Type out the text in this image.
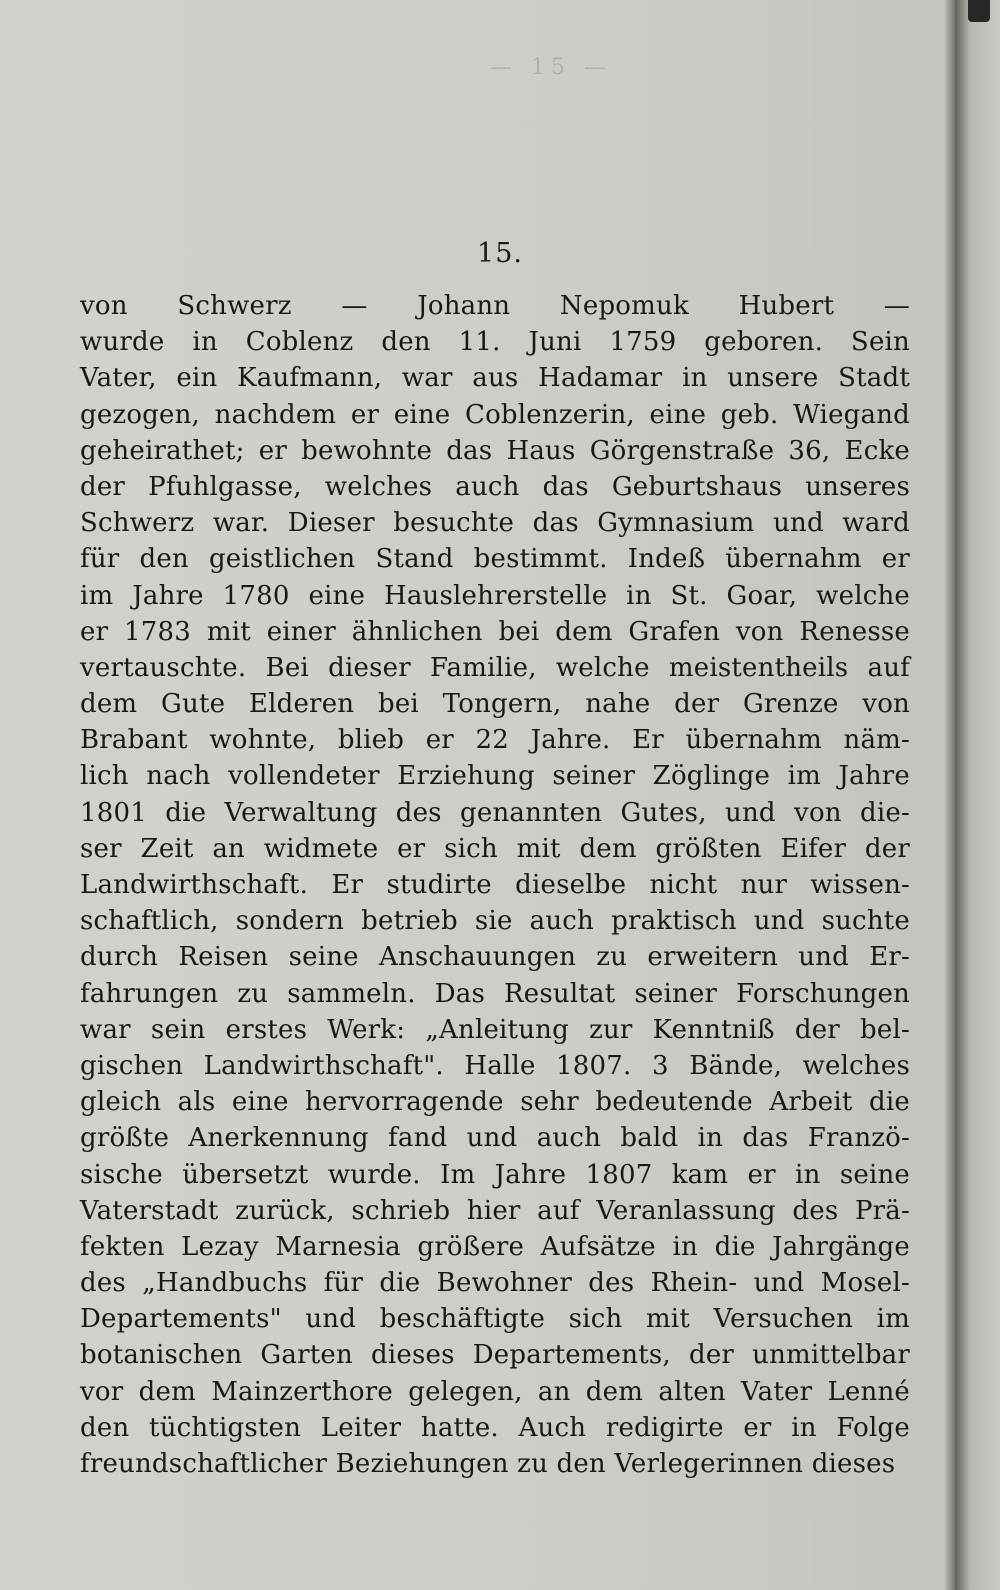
— 15 —
15.
von Schwerz — Johann Nepomuk Hubert —
wurde in Coblenz den 11. Juni 1759 geboren. Sein
Vater, ein Kaufmann, war aus Hadamar in unsere Stadt
gezogen, nachdem er eine Coblenzerin, eine geb. Wiegand
geheirathet; er bewohnte das Haus Görgenstraße 36, Ecke
der Pfuhlgasse, welches auch das Geburtshaus unseres
Schwerz war. Dieser besuchte das Gymnasium und ward
für den geistlichen Stand bestimmt. Indeß übernahm er
im Jahre 1780 eine Hauslehrerstelle in St. Goar, welche
er 1783 mit einer ähnlichen bei dem Grafen von Renesse
vertauschte. Bei dieser Familie, welche meistentheils auf
dem Gute Elderen bei Tongern, nahe der Grenze von
Brabant wohnte, blieb er 22 Jahre. Er übernahm näm-
lich nach vollendeter Erziehung seiner Zöglinge im Jahre
1801 die Verwaltung des genannten Gutes, und von die-
ser Zeit an widmete er sich mit dem größten Eifer der
Landwirthschaft. Er studirte dieselbe nicht nur wissen-
schaftlich, sondern betrieb sie auch praktisch und suchte
durch Reisen seine Anschauungen zu erweitern und Er-
fahrungen zu sammeln. Das Resultat seiner Forschungen
war sein erstes Werk: „Anleitung zur Kenntniß der bel-
gischen Landwirthschaft". Halle 1807. 3 Bände, welches
gleich als eine hervorragende sehr bedeutende Arbeit die
größte Anerkennung fand und auch bald in das Franzö-
sische übersetzt wurde. Im Jahre 1807 kam er in seine
Vaterstadt zurück, schrieb hier auf Veranlassung des Prä-
fekten Lezay Marnesia größere Aufsätze in die Jahrgänge
des „Handbuchs für die Bewohner des Rhein- und Mosel-
Departements" und beschäftigte sich mit Versuchen im
botanischen Garten dieses Departements, der unmittelbar
vor dem Mainzerthore gelegen, an dem alten Vater Lenné
den tüchtigsten Leiter hatte. Auch redigirte er in Folge
freundschaftlicher Beziehungen zu den Verlegerinnen dieses
